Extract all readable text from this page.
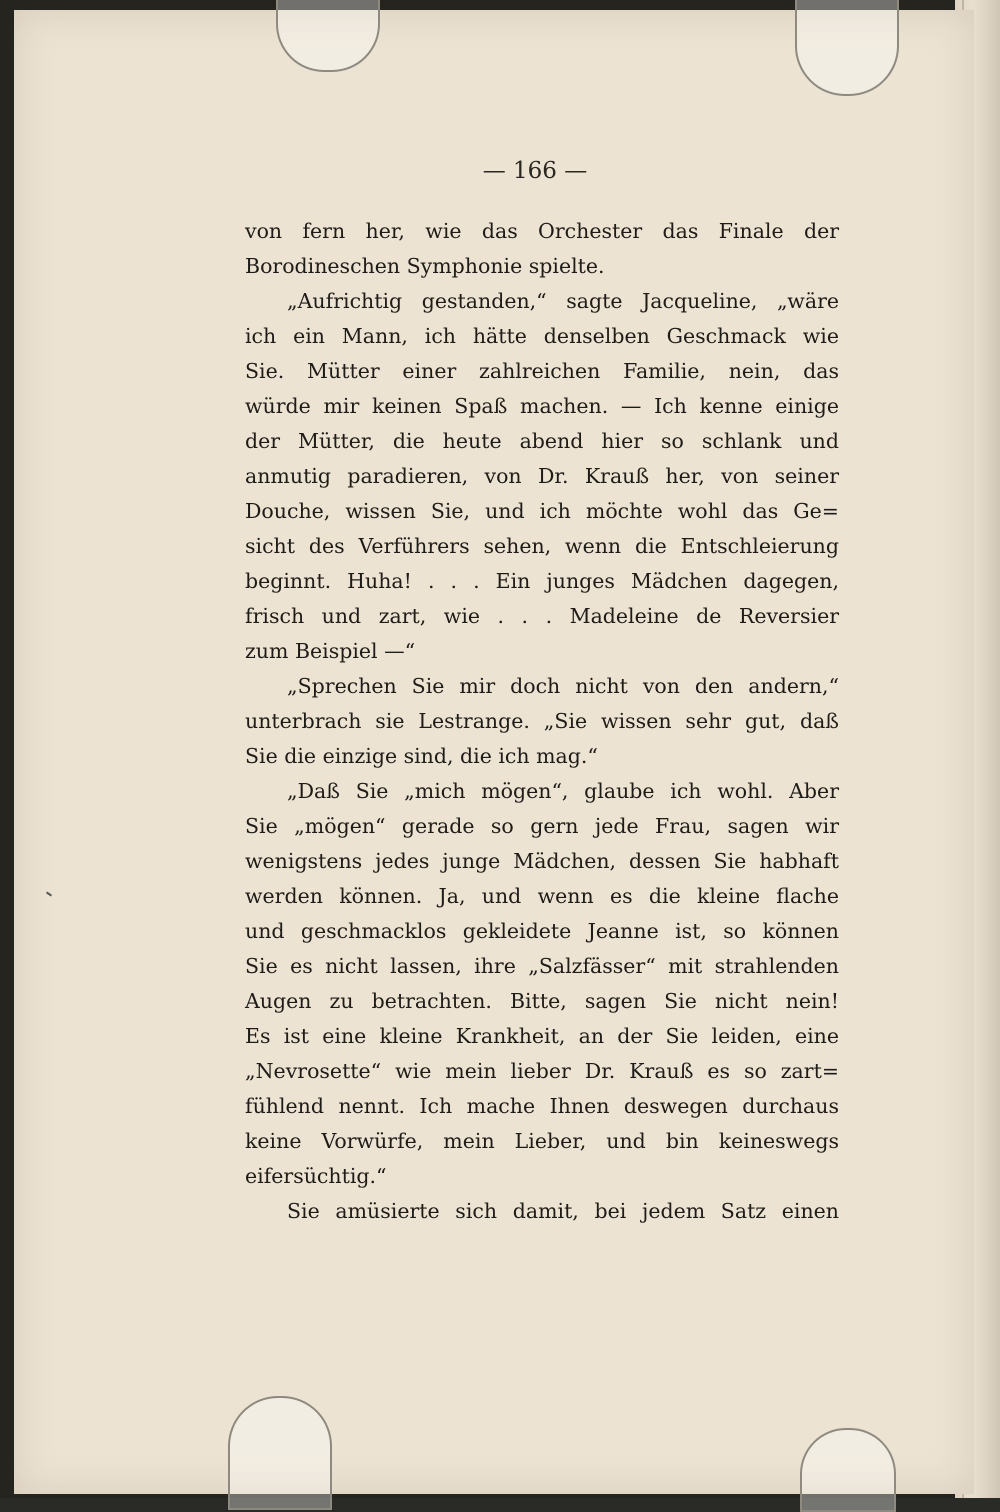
— 166 —
von fern her, wie das Orchester das Finale der
Borodineschen Symphonie spielte.
„Aufrichtig gestanden,“ sagte Jacqueline, „wäre
ich ein Mann, ich hätte denselben Geschmack wie
Sie. Mütter einer zahlreichen Familie, nein, das
würde mir keinen Spaß machen. — Ich kenne einige
der Mütter, die heute abend hier so schlank und
anmutig paradieren, von Dr. Krauß her, von seiner
Douche, wissen Sie, und ich möchte wohl das Ge=
sicht des Verführers sehen, wenn die Entschleierung
beginnt. Huha! . . . Ein junges Mädchen dagegen,
frisch und zart, wie . . . Madeleine de Reversier
zum Beispiel —“
„Sprechen Sie mir doch nicht von den andern,“
unterbrach sie Lestrange. „Sie wissen sehr gut, daß
Sie die einzige sind, die ich mag.“
„Daß Sie „mich mögen“, glaube ich wohl. Aber
Sie „mögen“ gerade so gern jede Frau, sagen wir
wenigstens jedes junge Mädchen, dessen Sie habhaft
werden können. Ja, und wenn es die kleine flache
und geschmacklos gekleidete Jeanne ist, so können
Sie es nicht lassen, ihre „Salzfässer“ mit strahlenden
Augen zu betrachten. Bitte, sagen Sie nicht nein!
Es ist eine kleine Krankheit, an der Sie leiden, eine
„Nevrosette“ wie mein lieber Dr. Krauß es so zart=
fühlend nennt. Ich mache Ihnen deswegen durchaus
keine Vorwürfe, mein Lieber, und bin keineswegs
eifersüchtig.“
Sie amüsierte sich damit, bei jedem Satz einen
